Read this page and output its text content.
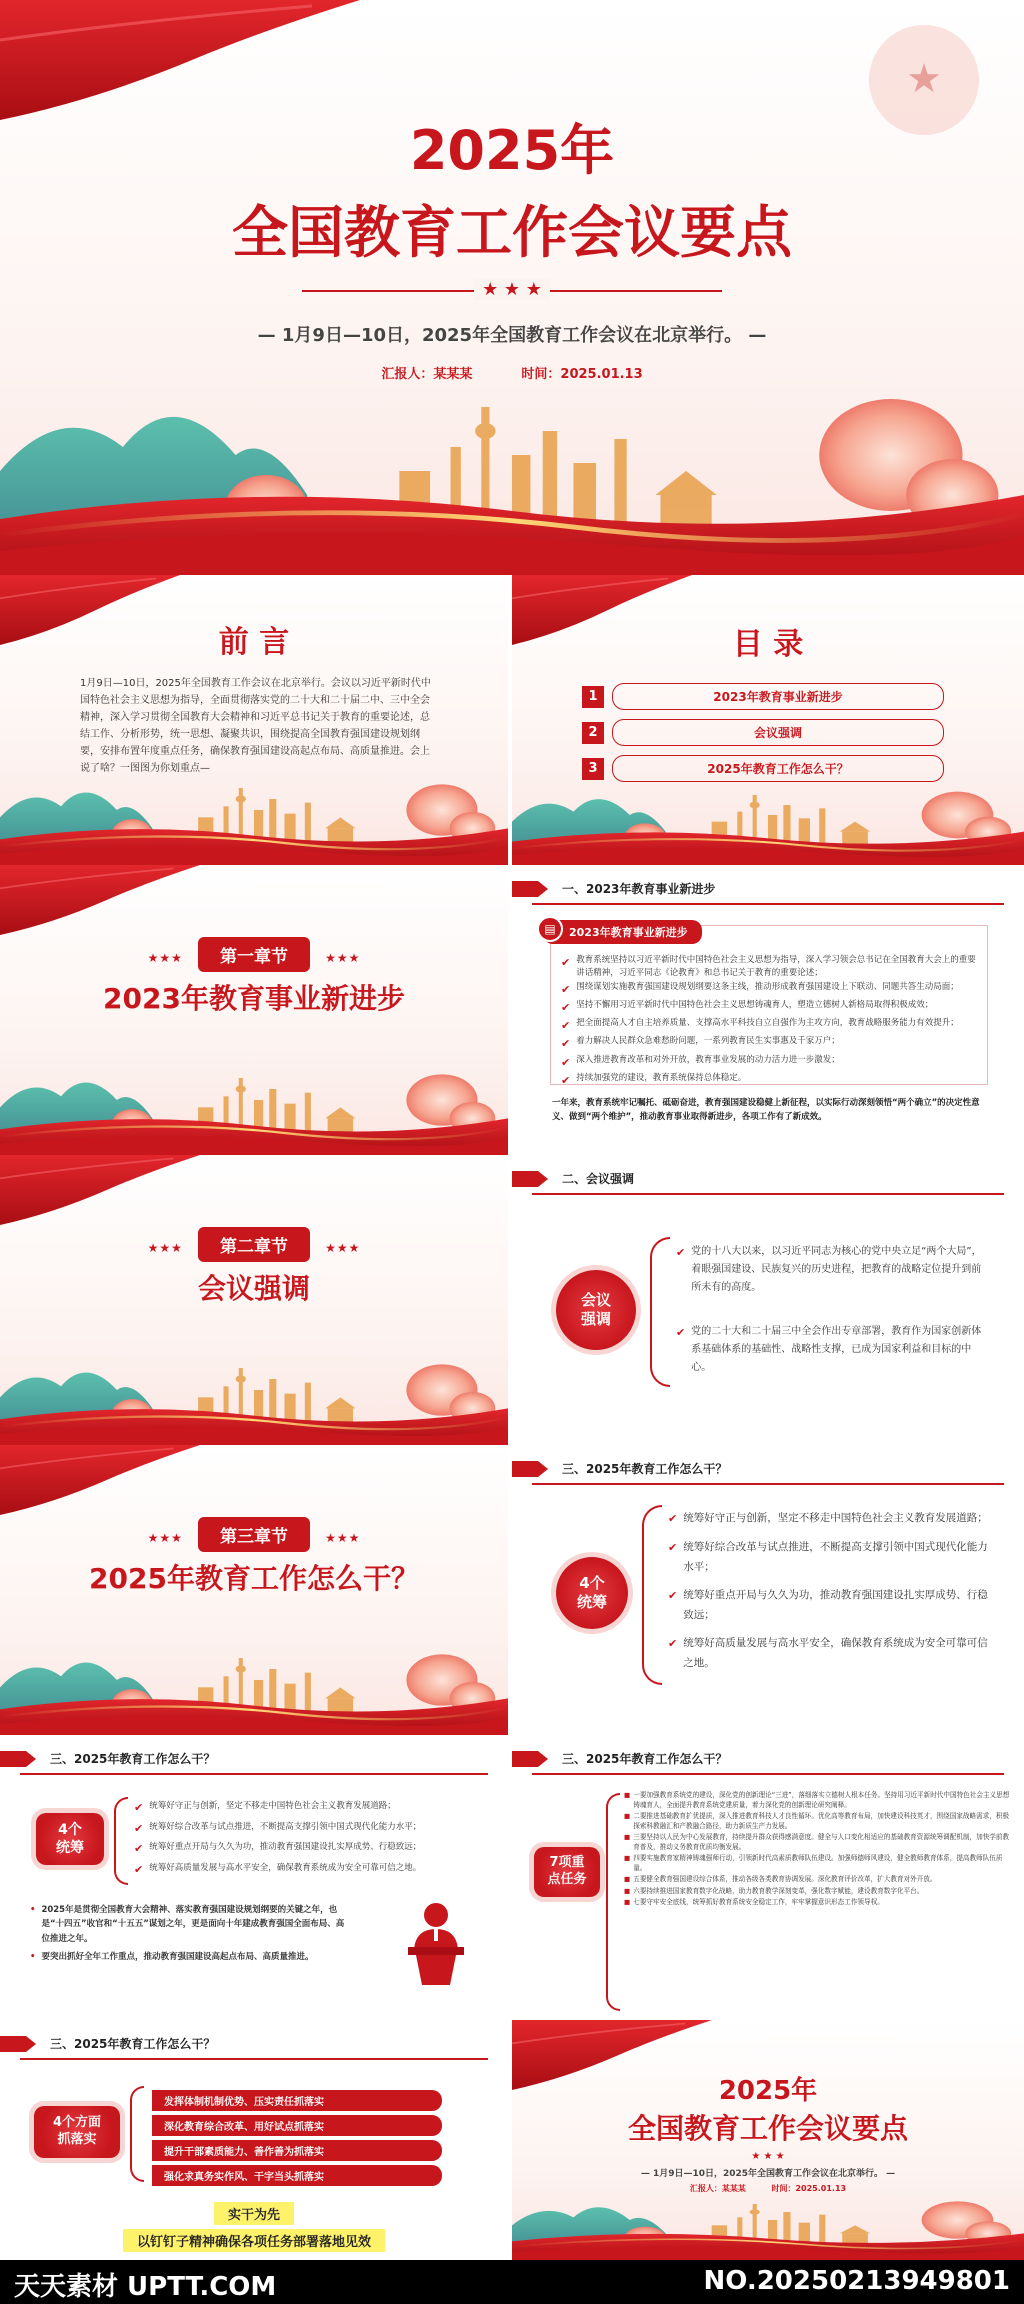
★
2025年
全国教育工作会议要点
★ ★ ★
— 1月9日—10日，2025年全国教育工作会议在北京举行。 —
汇报人：某某某	时间：2025.01.13
前 言
1月9日—10日，2025年全国教育工作会议在北京举行。会议以习近平新时代中国特色社会主义思想为指导，全面贯彻落实党的二十大和二十届二中、三中全会精神，深入学习贯彻全国教育大会精神和习近平总书记关于教育的重要论述，总结工作、分析形势，统一思想、凝聚共识，围绕提高全国教育强国建设规划纲要，安排布置年度重点任务，确保教育强国建设高起点布局、高质量推进。会上说了啥？一图图为你划重点—
目 录
1	2023年教育事业新进步
2	会议强调
3	2025年教育工作怎么干？
★★★ 第一章节	★★★
2023年教育事业新进步
一、2023年教育事业新进步
2023年教育事业新进步
▤
✔ 教育系统坚持以习近平新时代中国特色社会主义思想为指导，深入学习领会总书记在全国教育大会上的重要讲话精神，习近平同志《论教育》和总书记关于教育的重要论述；
✔ 围绕谋划实施教育强国建设规划纲要这条主线，推动形成教育强国建设上下联动、同题共答生动局面；
✔ 坚持不懈用习近平新时代中国特色社会主义思想铸魂育人，塑造立德树人新格局取得积极成效；
✔ 把全面提高人才自主培养质量、支撑高水平科技自立自强作为主攻方向，教育战略服务能力有效提升；
✔ 着力解决人民群众急难愁盼问题，一系列教育民生实事惠及千家万户；
✔ 深入推进教育改革和对外开放，教育事业发展的动力活力进一步激发；
✔ 持续加强党的建设，教育系统保持总体稳定。
一年来，教育系统牢记嘱托、砥砺奋进，教育强国建设稳健上新征程，以实际行动深刻领悟“两个确立”的决定性意义、做到“两个维护”，推动教育事业取得新进步，各项工作有了新成效。
★★★ 第二章节	★★★
会议强调
二、会议强调
会议
强调
✔ 党的十八大以来，以习近平同志为核心的党中央立足“两个大局”，着眼强国建设、民族复兴的历史进程，把教育的战略定位提升到前所未有的高度。
✔ 党的二十大和二十届三中全会作出专章部署，教育作为国家创新体系基础体系的基础性、战略性支撑，已成为国家利益和目标的中心。
★★★ 第三章节	★★★
2025年教育工作怎么干？
三、2025年教育工作怎么干？
4个
统筹
✔ 统筹好守正与创新，坚定不移走中国特色社会主义教育发展道路；
✔ 统筹好综合改革与试点推进，不断提高支撑引领中国式现代化能力水平；
✔ 统筹好重点开局与久久为功，推动教育强国建设扎实厚成势、行稳致远；
✔ 统筹好高质量发展与高水平安全，确保教育系统成为安全可靠可信之地。
三、2025年教育工作怎么干？
4个
统筹
✔ 统筹好守正与创新，坚定不移走中国特色社会主义教育发展道路；
✔ 统筹好综合改革与试点推进，不断提高支撑引领中国式现代化能力水平；
✔ 统筹好重点开局与久久为功，推动教育强国建设扎实厚成势、行稳致远；
✔ 统筹好高质量发展与高水平安全，确保教育系统成为安全可靠可信之地。
• 2025年是贯彻全国教育大会精神、落实教育强国建设规划纲要的关键之年，也是“十四五”收官和“十五五”谋划之年，更是面向十年建成教育强国全面布局、高位推进之年。
• 要突出抓好全年工作重点，推动教育强国建设高起点布局、高质量推进。
三、2025年教育工作怎么干？
7项重
点任务
■ 一要加强教育系统党的建设，深化党的创新理论“三进”，落细落实立德树人根本任务。坚持用习近平新时代中国特色社会主义思想铸魂育人，全面提升教育系统党建质量，着力深化党的创新理论研究阐释。
■ 二要推进基础教育扩优提质，深入推进教育科技人才良性循环。优化高等教育布局，加快建设科技英才，围绕国家战略需求，积极探索科教融汇和产教融合路径，助力新质生产力发展。
■ 三要坚持以人民为中心发展教育，持续提升群众获得感满意度。健全与人口变化相适应的基础教育资源统筹调配机制，加快学前教育普及，推动义务教育优质均衡发展。
■ 四要实施教育家精神铸魂强师行动，引领新时代高素质教师队伍建设。加强师德师风建设，健全教师教育体系，提高教师队伍质量。
■ 五要健全教育强国建设综合体系，推动各级各类教育协调发展。深化教育评价改革，扩大教育对外开放。
■ 六要持续推进国家教育数字化战略，助力教育教学深刻变革，强化数字赋能，建设教育数字化平台。
■ 七要守牢安全底线，统筹抓好教育系统安全稳定工作，牢牢掌握意识形态工作领导权。
三、2025年教育工作怎么干？
4个方面
抓落实
发挥体制机制优势、压实责任抓落实
深化教育综合改革、用好试点抓落实
提升干部素质能力、善作善为抓落实
强化求真务实作风、干字当头抓落实
实干为先
以钉钉子精神确保各项任务部署落地见效
2025年
全国教育工作会议要点
★ ★ ★
— 1月9日—10日，2025年全国教育工作会议在北京举行。 —
汇报人：某某某	时间：2025.01.13
天天素材 UPTT.COM	NO.20250213949801
